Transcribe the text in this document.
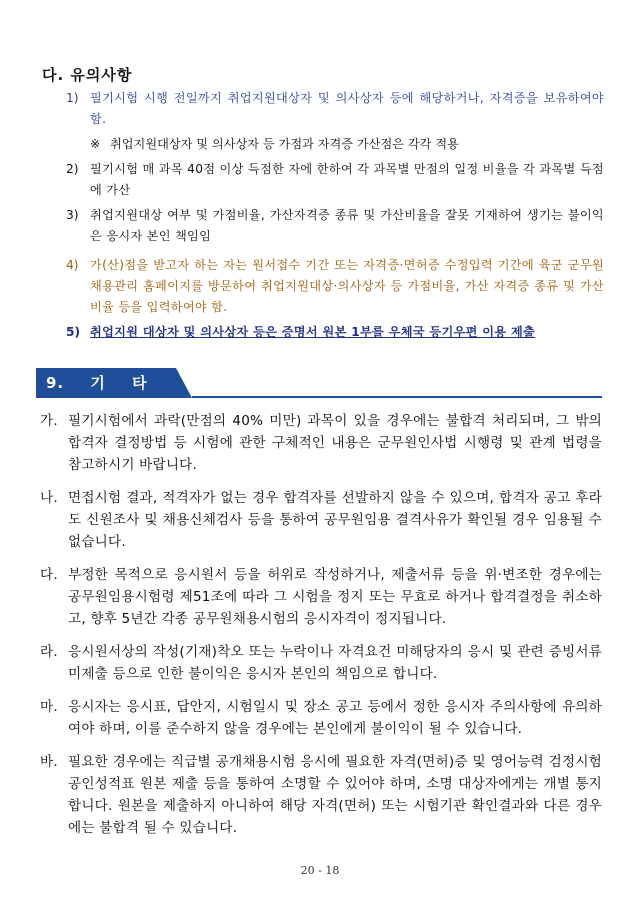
다. 유의사항
1) 필기시험 시행 전일까지 취업지원대상자 및 의사상자 등에 해당하거나, 자격증을 보유하여야 함.
※ 취업지원대상자 및 의사상자 등 가점과 자격증 가산점은 각각 적용
2) 필기시험 매 과목 40점 이상 득점한 자에 한하여 각 과목별 만점의 일정 비율을 각 과목별 득점에 가산
3) 취업지원대상 여부 및 가점비율, 가산자격증 종류 및 가산비율을 잘못 기재하여 생기는 불이익은 응시자 본인 책임임
4) 가(산)점을 받고자 하는 자는 원서접수 기간 또는 자격증·면허증 수정입력 기간에 육군 군무원채용관리 홈페이지를 방문하여 취업지원대상·의사상자 등 가점비율, 가산 자격증 종류 및 가산비율 등을 입력하여야 함.
5) 취업지원 대상자 및 의사상자 등은 증명서 원본 1부를 우체국 등기우편 이용 제출
9. 기 타
가. 필기시험에서 과락(만점의 40% 미만) 과목이 있을 경우에는 불합격 처리되며, 그 밖의 합격자 결정방법 등 시험에 관한 구체적인 내용은 군무원인사법 시행령 및 관계 법령을 참고하시기 바랍니다.
나. 면접시험 결과, 적격자가 없는 경우 합격자를 선발하지 않을 수 있으며, 합격자 공고 후라도 신원조사 및 채용신체검사 등을 통하여 공무원임용 결격사유가 확인될 경우 임용될 수 없습니다.
다. 부정한 목적으로 응시원서 등을 허위로 작성하거나, 제출서류 등을 위·변조한 경우에는 공무원임용시험령 제51조에 따라 그 시험을 정지 또는 무효로 하거나 합격결정을 취소하고, 향후 5년간 각종 공무원채용시험의 응시자격이 정지됩니다.
라. 응시원서상의 작성(기재)착오 또는 누락이나 자격요건 미해당자의 응시 및 관련 증빙서류 미제출 등으로 인한 불이익은 응시자 본인의 책임으로 합니다.
마. 응시자는 응시표, 답안지, 시험일시 및 장소 공고 등에서 정한 응시자 주의사항에 유의하여야 하며, 이를 준수하지 않을 경우에는 본인에게 불이익이 될 수 있습니다.
바. 필요한 경우에는 직급별 공개채용시험 응시에 필요한 자격(면허)증 및 영어능력 검정시험 공인성적표 원본 제출 등을 통하여 소명할 수 있어야 하며, 소명 대상자에게는 개별 통지합니다. 원본을 제출하지 아니하여 해당 자격(면허) 또는 시험기관 확인결과와 다른 경우에는 불합격 될 수 있습니다.
20 - 18
